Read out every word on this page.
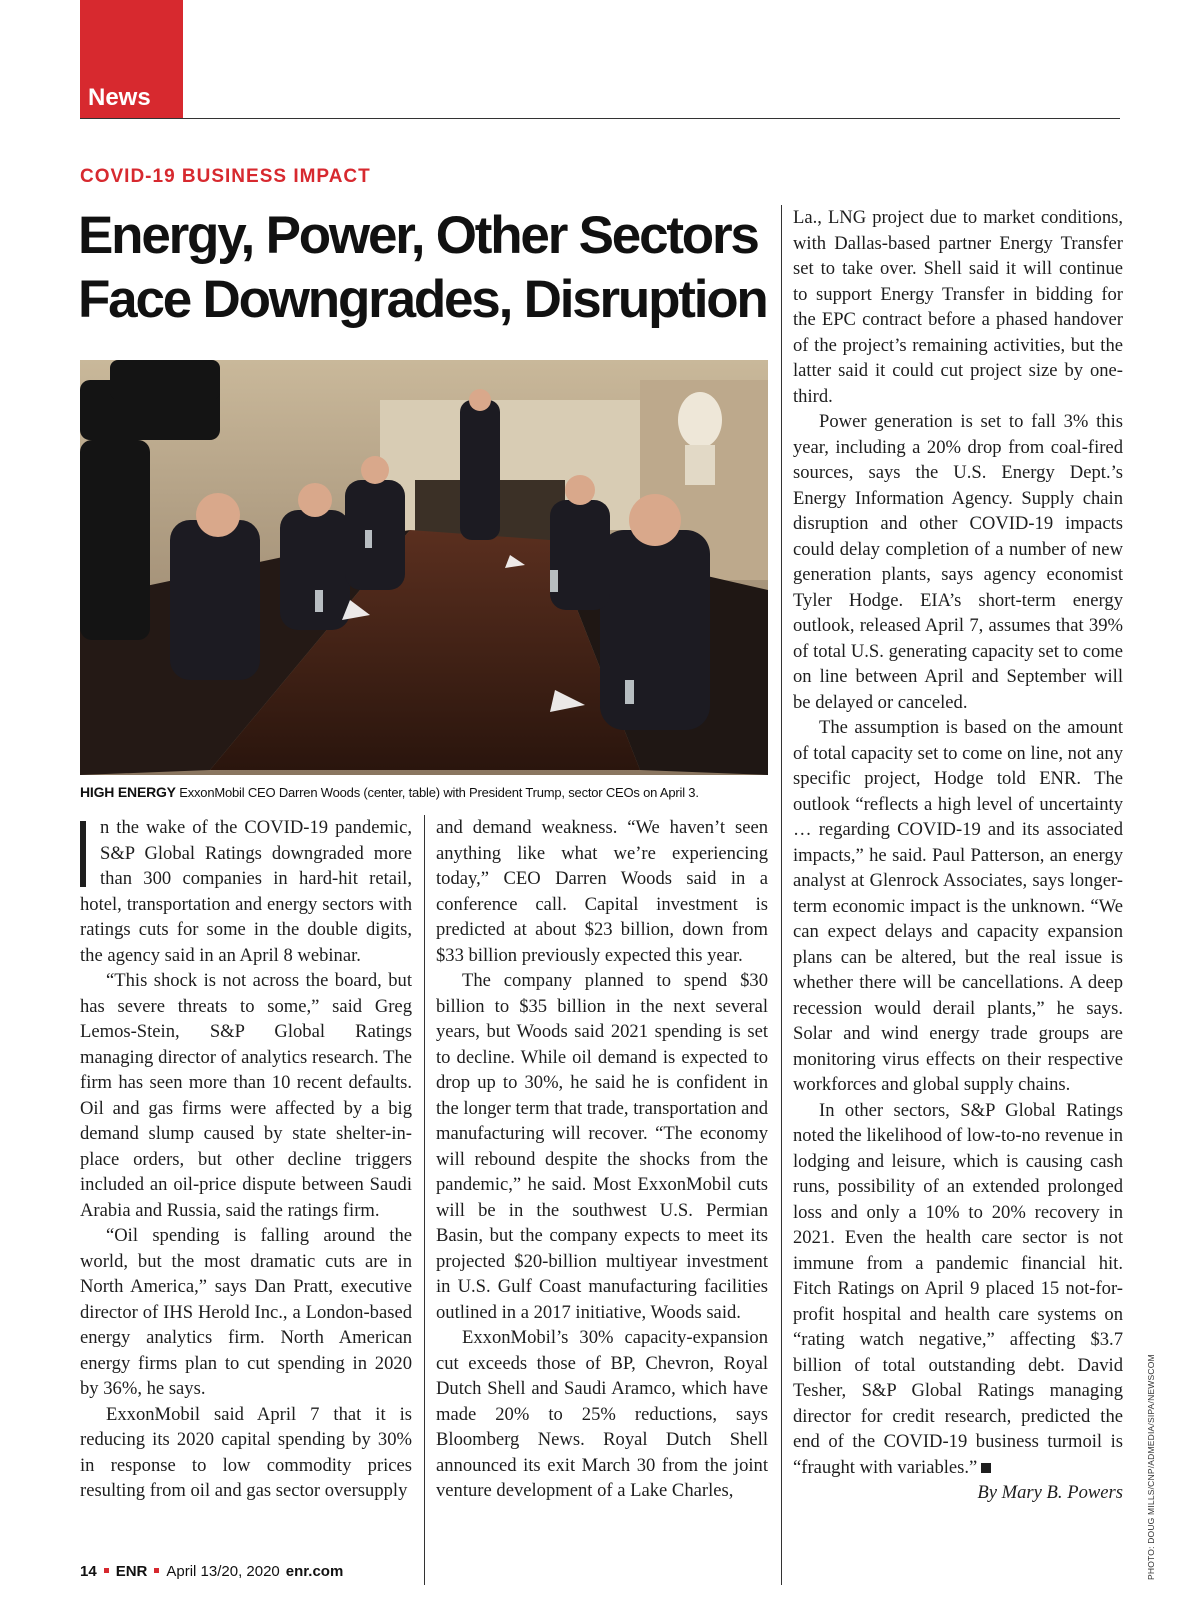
News
COVID-19 BUSINESS IMPACT
Energy, Power, Other Sectors Face Downgrades, Disruption
HIGH ENERGY ExxonMobil CEO Darren Woods (center, table) with President Trump, sector CEOs on April 3.

n the wake of the COVID-19 pandemic, S&P Global Ratings downgraded more than 300 companies in hard-hit retail, hotel, transportation and energy sectors with ratings cuts for some in the double digits, the agency said in an April 8 webinar.

“This shock is not across the board, but has severe threats to some,” said Greg Lemos-Stein, S&P Global Ratings managing director of analytics research. The firm has seen more than 10 recent defaults. Oil and gas firms were affected by a big demand slump caused by state shelter-in-place orders, but other decline triggers included an oil-price dispute between Saudi Arabia and Russia, said the ratings firm.

“Oil spending is falling around the world, but the most dramatic cuts are in North America,” says Dan Pratt, executive director of IHS Herold Inc., a London-based energy analytics firm. North American energy firms plan to cut spending in 2020 by 36%, he says.

ExxonMobil said April 7 that it is reducing its 2020 capital spending by 30% in response to low commodity prices resulting from oil and gas sector oversupply

and demand weakness. “We haven’t seen anything like what we’re experiencing today,” CEO Darren Woods said in a conference call. Capital investment is predicted at about $23 billion, down from $33 billion previously expected this year.

The company planned to spend $30 billion to $35 billion in the next several years, but Woods said 2021 spending is set to decline. While oil demand is expected to drop up to 30%, he said he is confident in the longer term that trade, transportation and manufacturing will recover. “The economy will rebound despite the shocks from the pandemic,” he said. Most ExxonMobil cuts will be in the southwest U.S. Permian Basin, but the company expects to meet its projected $20-billion multiyear investment in U.S. Gulf Coast manufacturing facilities outlined in a 2017 initiative, Woods said.

ExxonMobil’s 30% capacity-expansion cut exceeds those of BP, Chevron, Royal Dutch Shell and Saudi Aramco, which have made 20% to 25% reductions, says Bloomberg News. Royal Dutch Shell announced its exit March 30 from the joint venture development of a Lake Charles,

La., LNG project due to market conditions, with Dallas-based partner Energy Transfer set to take over. Shell said it will continue to support Energy Transfer in bidding for the EPC contract before a phased handover of the project’s remaining activities, but the latter said it could cut project size by one-third.

Power generation is set to fall 3% this year, including a 20% drop from coal-fired sources, says the U.S. Energy Dept.’s Energy Information Agency. Supply chain disruption and other COVID-19 impacts could delay completion of a number of new generation plants, says agency economist Tyler Hodge. EIA’s short-term energy outlook, released April 7, assumes that 39% of total U.S. generating capacity set to come on line between April and September will be delayed or canceled.

The assumption is based on the amount of total capacity set to come on line, not any specific project, Hodge told ENR. The outlook “reflects a high level of uncertainty … regarding COVID-19 and its associated impacts,” he said. Paul Patterson, an energy analyst at Glenrock Associates, says longer-term economic impact is the unknown. “We can expect delays and capacity expansion plans can be altered, but the real issue is whether there will be cancellations. A deep recession would derail plants,” he says. Solar and wind energy trade groups are monitoring virus effects on their respective workforces and global supply chains.

In other sectors, S&P Global Ratings noted the likelihood of low-to-no revenue in lodging and leisure, which is causing cash runs, possibility of an extended prolonged loss and only a 10% to 20% recovery in 2021. Even the health care sector is not immune from a pandemic financial hit. Fitch Ratings on April 9 placed 15 not-for-profit hospital and health care systems on “rating watch negative,” affecting $3.7 billion of total outstanding debt. David Tesher, S&P Global Ratings managing director for credit research, predicted the end of the COVID-19 business turmoil is “fraught with variables.”

By Mary B. Powers	PHOTO: DOUG MILLS/CNP/ADMEDIA/SIPA/NEWSCOM
14 ENR April 13/20, 2020 enr.com
